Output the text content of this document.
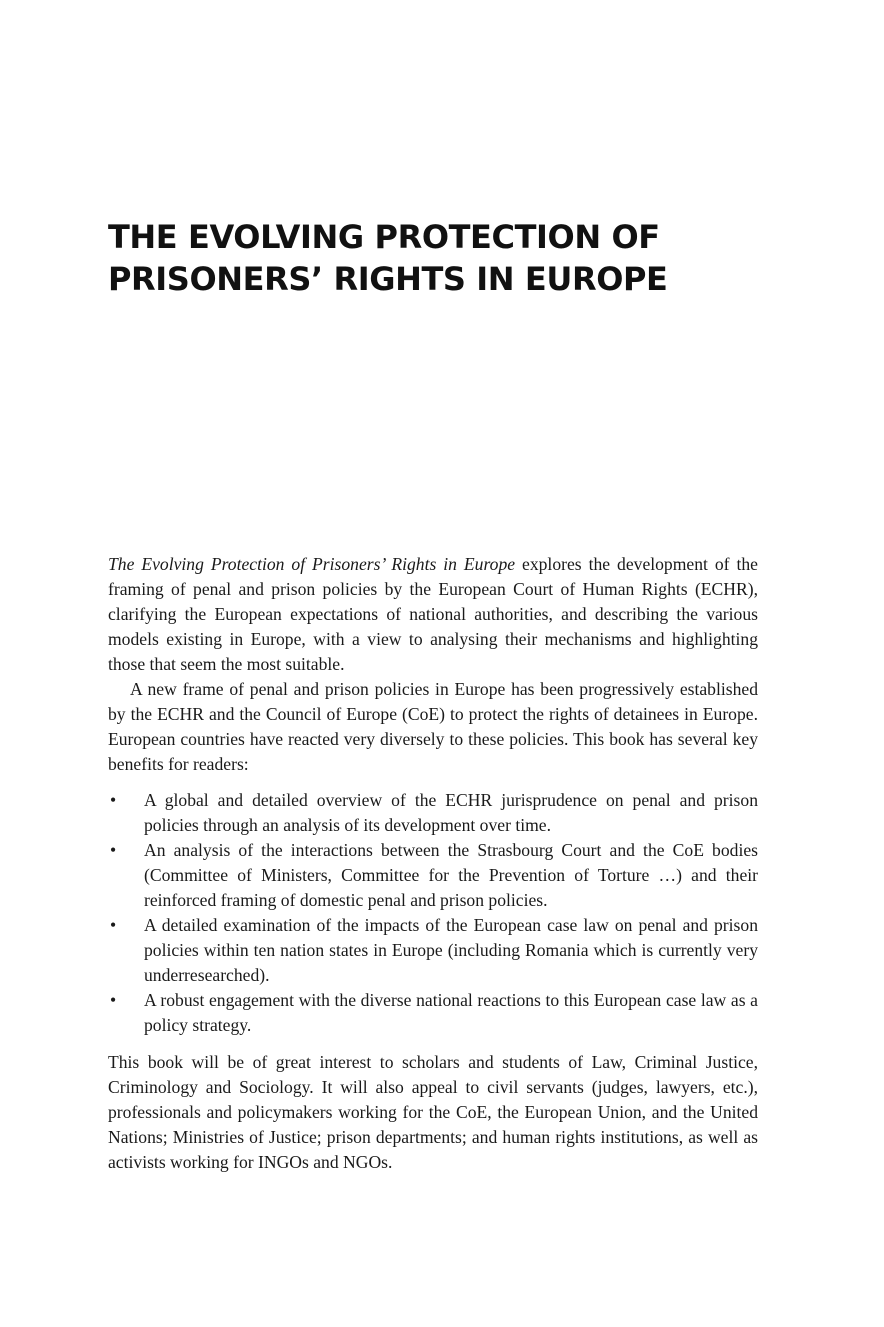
THE EVOLVING PROTECTION OF
PRISONERS’ RIGHTS IN EUROPE

The Evolving Protection of Prisoners’ Rights in Europe explores the development of the framing of penal and prison policies by the European Court of Human Rights (ECHR), clarifying the European expectations of national authorities, and describing the various models existing in Europe, with a view to analysing their mechanisms and highlighting those that seem the most suitable.

A new frame of penal and prison policies in Europe has been progressively established by the ECHR and the Council of Europe (CoE) to protect the rights of detainees in Europe. European countries have reacted very diversely to these policies. This book has several key benefits for readers:

• A global and detailed overview of the ECHR jurisprudence on penal and prison policies through an analysis of its development over time.
• An analysis of the interactions between the Strasbourg Court and the CoE bodies (Committee of Ministers, Committee for the Prevention of Torture …) and their reinforced framing of domestic penal and prison policies.
• A detailed examination of the impacts of the European case law on penal and prison policies within ten nation states in Europe (including Romania which is currently very underresearched).
• A robust engagement with the diverse national reactions to this European case law as a policy strategy.

This book will be of great interest to scholars and students of Law, Criminal Justice, Criminology and Sociology. It will also appeal to civil servants (judges, lawyers, etc.), professionals and policymakers working for the CoE, the European Union, and the United Nations; Ministries of Justice; prison departments; and human rights institutions, as well as activists working for INGOs and NGOs.
